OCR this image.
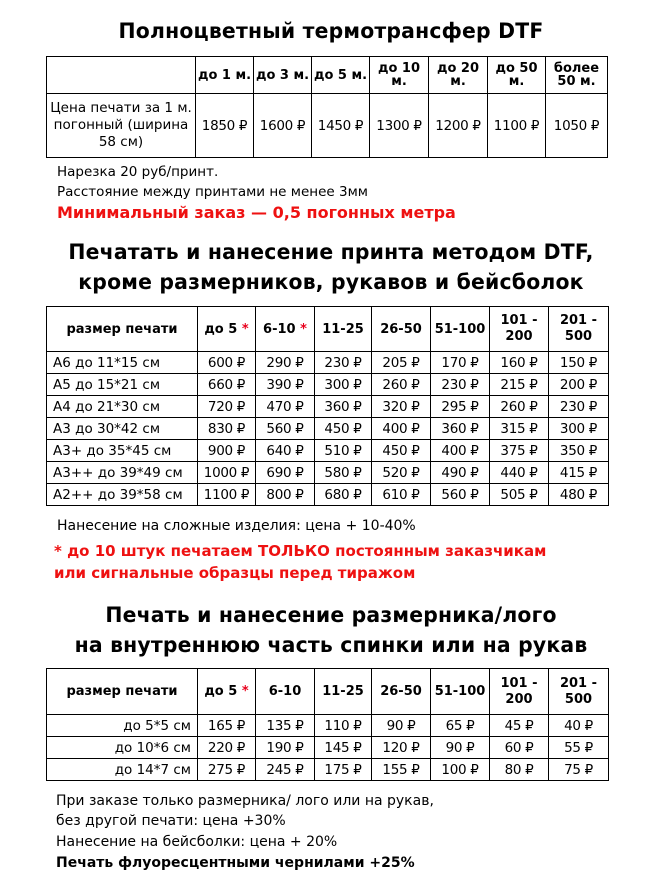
Полноцветный термотрансфер DTF
	до 1 м.	до 3 м.	до 5 м.	до 10 м.	до 20 м.	до 50 м.	более 50 м.
Цена печати за 1 м. погонный (ширина 58 см)	1850 ₽	1600 ₽	1450 ₽	1300 ₽	1200 ₽	1100 ₽	1050 ₽
Нарезка 20 руб/принт.
Расстояние между принтами не менее 3мм
Минимальный заказ — 0,5 погонных метра
Печатать и нанесение принта методом DTF,
кроме размерников, рукавов и бейсболок
размер печати	до 5 *	6-10 *	11-25	26-50	51-100	101 - 200	201 - 500
А6 до 11*15 см	600 ₽	290 ₽	230 ₽	205 ₽	170 ₽	160 ₽	150 ₽
А5 до 15*21 см	660 ₽	390 ₽	300 ₽	260 ₽	230 ₽	215 ₽	200 ₽
А4 до 21*30 см	720 ₽	470 ₽	360 ₽	320 ₽	295 ₽	260 ₽	230 ₽
А3 до 30*42 см	830 ₽	560 ₽	450 ₽	400 ₽	360 ₽	315 ₽	300 ₽
А3+ до 35*45 см	900 ₽	640 ₽	510 ₽	450 ₽	400 ₽	375 ₽	350 ₽
А3++ до 39*49 см	1000 ₽	690 ₽	580 ₽	520 ₽	490 ₽	440 ₽	415 ₽
А2++ до 39*58 см	1100 ₽	800 ₽	680 ₽	610 ₽	560 ₽	505 ₽	480 ₽
Нанесение на сложные изделия: цена + 10-40%
* до 10 штук печатаем ТОЛЬКО постоянным заказчикам
или сигнальные образцы перед тиражом
Печать и нанесение размерника/лого
на внутреннюю часть спинки или на рукав
размер печати	до 5 *	6-10	11-25	26-50	51-100	101 - 200	201 - 500
до 5*5 см	165 ₽	135 ₽	110 ₽	90 ₽	65 ₽	45 ₽	40 ₽
до 10*6 см	220 ₽	190 ₽	145 ₽	120 ₽	90 ₽	60 ₽	55 ₽
до 14*7 см	275 ₽	245 ₽	175 ₽	155 ₽	100 ₽	80 ₽	75 ₽
При заказе только размерника/ лого или на рукав,
без другой печати: цена +30%
Нанесение на бейсболки: цена + 20%
Печать флуоресцентными чернилами +25%
